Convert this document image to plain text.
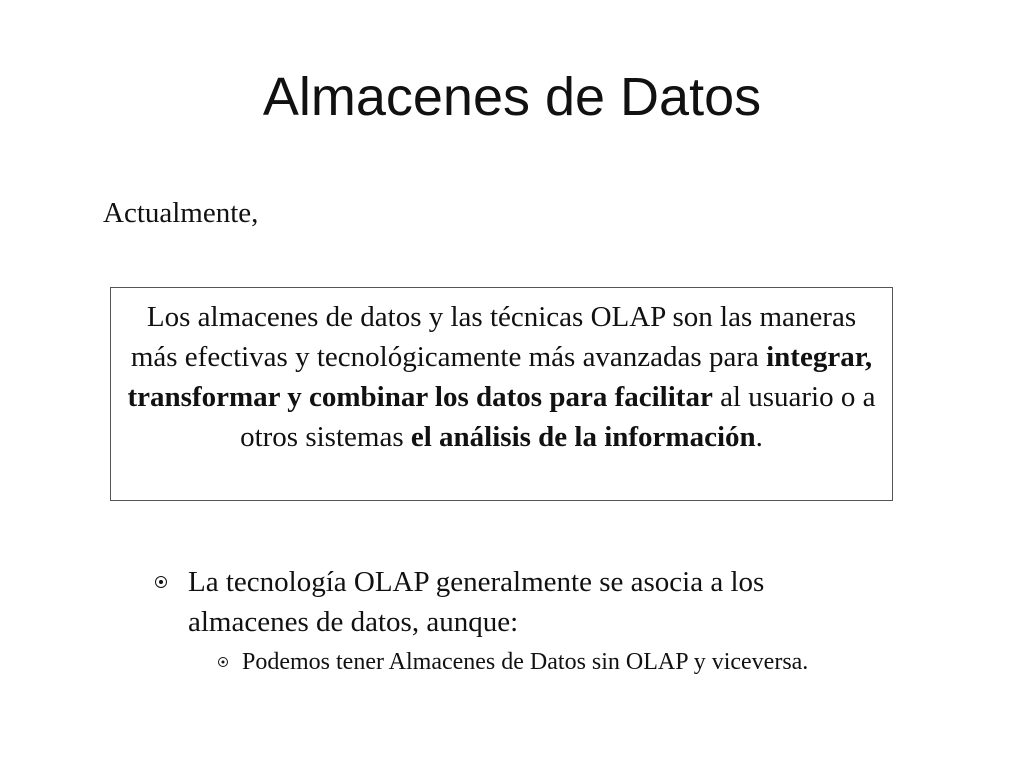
Almacenes de Datos
Actualmente,
Los almacenes de datos y las técnicas OLAP son las maneras más efectivas y tecnológicamente más avanzadas para integrar, transformar y combinar los datos para facilitar al usuario o a otros sistemas el análisis de la información.
La tecnología OLAP generalmente se asocia a los almacenes de datos, aunque:
Podemos tener Almacenes de Datos sin OLAP y viceversa.
